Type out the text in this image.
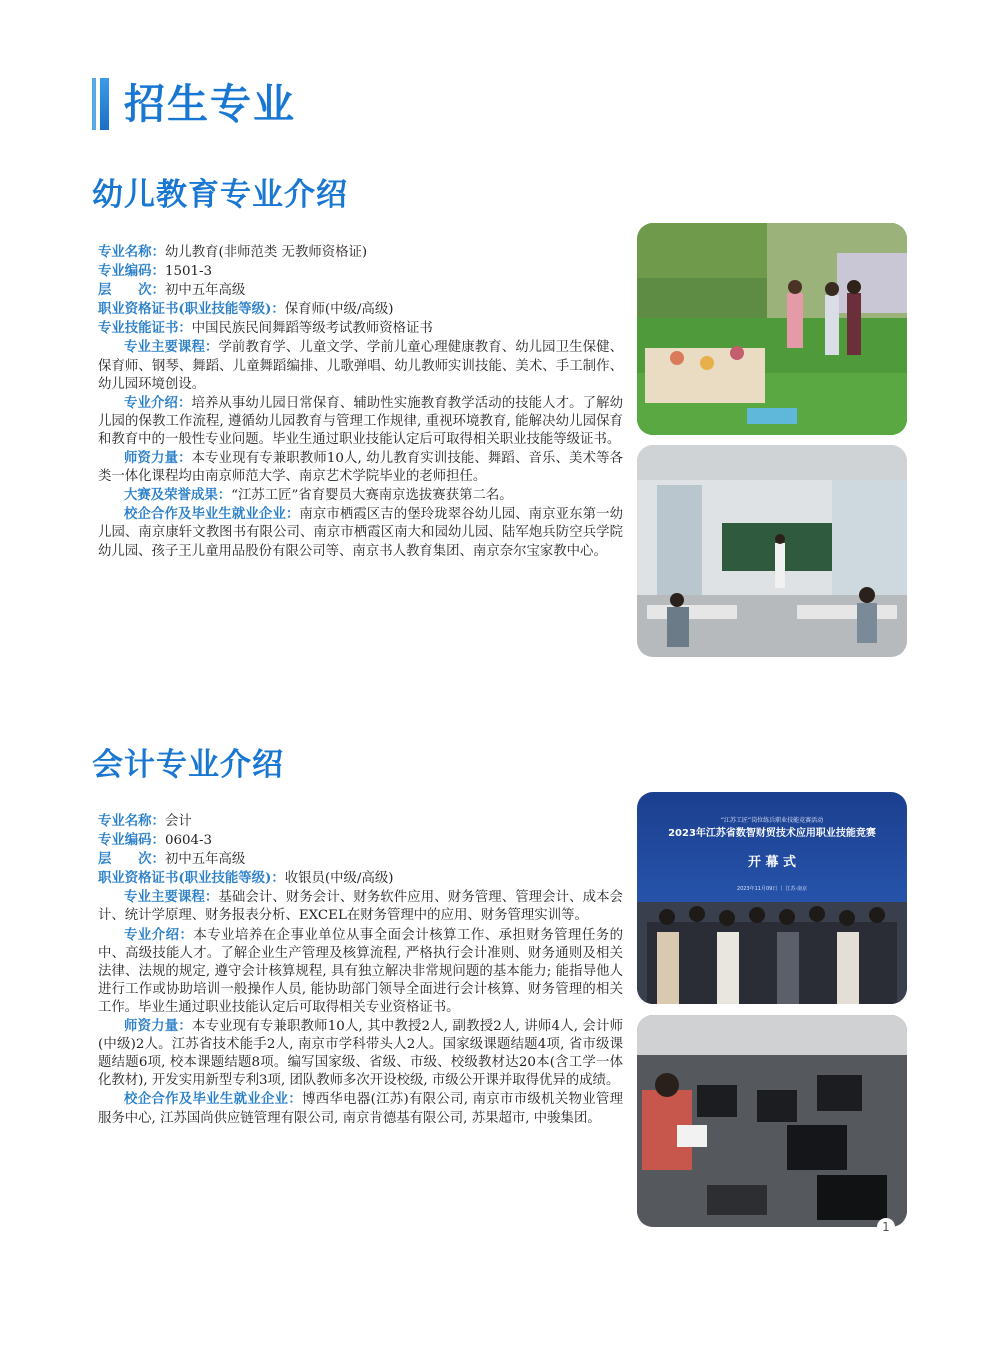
招生专业
幼儿教育专业介绍

专业名称：幼儿教育(非师范类 无教师资格证)

专业编码：1501-3

层　　次：初中五年高级

职业资格证书(职业技能等级)：保育师(中级/高级)

专业技能证书：中国民族民间舞蹈等级考试教师资格证书

专业主要课程：学前教育学、儿童文学、学前儿童心理健康教育、幼儿园卫生保健、保育师、钢琴、舞蹈、儿童舞蹈编排、儿歌弹唱、幼儿教师实训技能、美术、手工制作、幼儿园环境创设。

专业介绍：培养从事幼儿园日常保育、辅助性实施教育教学活动的技能人才。了解幼儿园的保教工作流程, 遵循幼儿园教育与管理工作规律, 重视环境教育, 能解决幼儿园保育和教育中的一般性专业问题。毕业生通过职业技能认定后可取得相关职业技能等级证书。

师资力量：本专业现有专兼职教师10人, 幼儿教育实训技能、舞蹈、音乐、美术等各类一体化课程均由南京师范大学、南京艺术学院毕业的老师担任。

大赛及荣誉成果：“江苏工匠”省育婴员大赛南京选拔赛获第二名。

校企合作及毕业生就业企业：南京市栖霞区吉的堡玲珑翠谷幼儿园、南京亚东第一幼儿园、南京康轩文教图书有限公司、南京市栖霞区南大和园幼儿园、陆军炮兵防空兵学院幼儿园、孩子王儿童用品股份有限公司等、南京书人教育集团、南京奈尔宝家教中心。

会计专业介绍

专业名称：会计

专业编码：0604-3

层　　次：初中五年高级

职业资格证书(职业技能等级)：收银员(中级/高级)

专业主要课程：基础会计、财务会计、财务软件应用、财务管理、管理会计、成本会计、统计学原理、财务报表分析、EXCEL在财务管理中的应用、财务管理实训等。

专业介绍：本专业培养在企事业单位从事全面会计核算工作、承担财务管理任务的中、高级技能人才。了解企业生产管理及核算流程, 严格执行会计准则、财务通则及相关法律、法规的规定, 遵守会计核算规程, 具有独立解决非常规问题的基本能力; 能指导他人进行工作或协助培训一般操作人员, 能协助部门领导全面进行会计核算、财务管理的相关工作。毕业生通过职业技能认定后可取得相关专业资格证书。

师资力量：本专业现有专兼职教师10人, 其中教授2人, 副教授2人, 讲师4人, 会计师(中级)2人。江苏省技术能手2人, 南京市学科带头人2人。国家级课题结题4项, 省市级课题结题6项, 校本课题结题8项。编写国家级、省级、市级、校级教材达20本(含工学一体化教材), 开发实用新型专利3项, 团队教师多次开设校级, 市级公开课并取得优异的成绩。

校企合作及毕业生就业企业：博西华电器(江苏)有限公司, 南京市市级机关物业管理服务中心, 江苏国尚供应链管理有限公司, 南京肯德基有限公司, 苏果超市, 中骏集团。

“江苏工匠”岗位练兵职业技能竞赛活动
2023年江苏省数智财贸技术应用职业技能竞赛
开 幕 式
2023年11月09日 丨 江苏·南京
1
